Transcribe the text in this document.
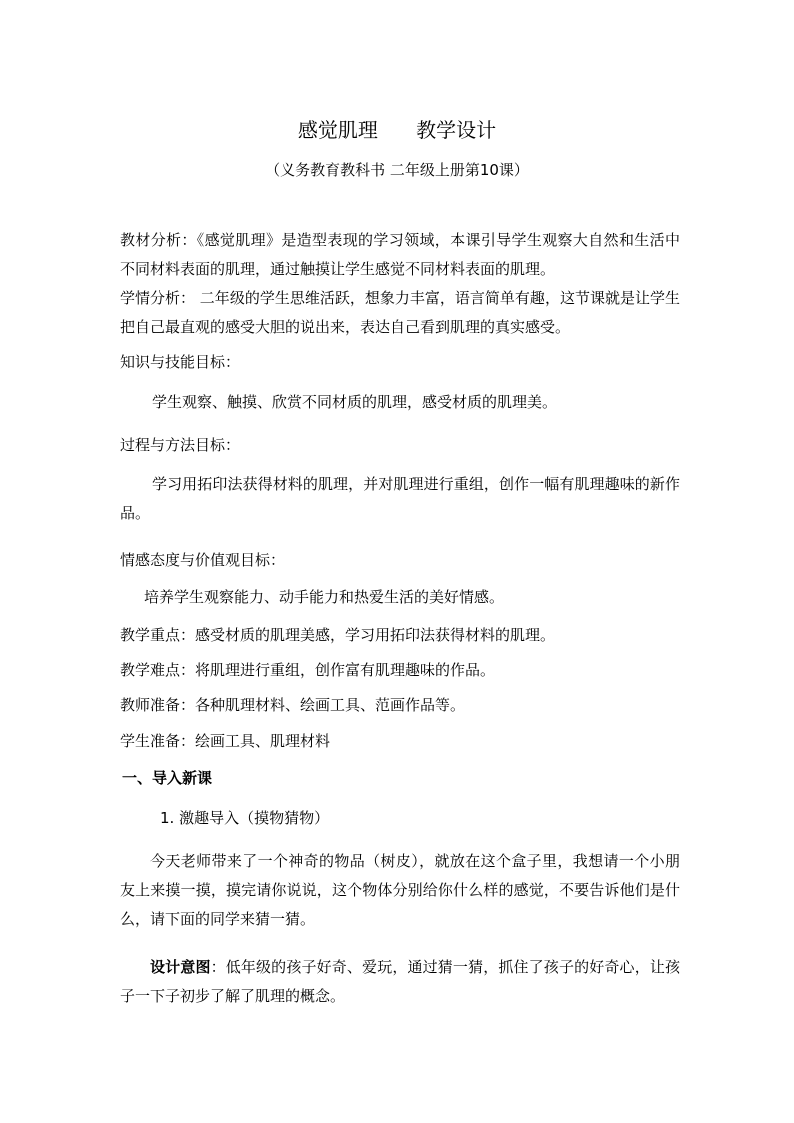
感觉肌理      教学设计
（义务教育教科书 二年级上册第10课）
教材分析：《感觉肌理》是造型表现的学习领域，本课引导学生观察大自然和生活中不同材料表面的肌理，通过触摸让学生感觉不同材料表面的肌理。
学情分析： 二年级的学生思维活跃，想象力丰富，语言简单有趣，这节课就是让学生把自己最直观的感受大胆的说出来，表达自己看到肌理的真实感受。
知识与技能目标：
学生观察、触摸、欣赏不同材质的肌理，感受材质的肌理美。
过程与方法目标：
学习用拓印法获得材料的肌理，并对肌理进行重组，创作一幅有肌理趣味的新作品。
情感态度与价值观目标：
培养学生观察能力、动手能力和热爱生活的美好情感。
教学重点：感受材质的肌理美感，学习用拓印法获得材料的肌理。
教学难点：将肌理进行重组，创作富有肌理趣味的作品。
教师准备：各种肌理材料、绘画工具、范画作品等。
学生准备：绘画工具、肌理材料
一、导入新课
1. 激趣导入（摸物猜物）
今天老师带来了一个神奇的物品（树皮），就放在这个盒子里，我想请一个小朋友上来摸一摸，摸完请你说说，这个物体分别给你什么样的感觉，不要告诉他们是什么，请下面的同学来猜一猜。
设计意图：低年级的孩子好奇、爱玩，通过猜一猜，抓住了孩子的好奇心，让孩子一下子初步了解了肌理的概念。
